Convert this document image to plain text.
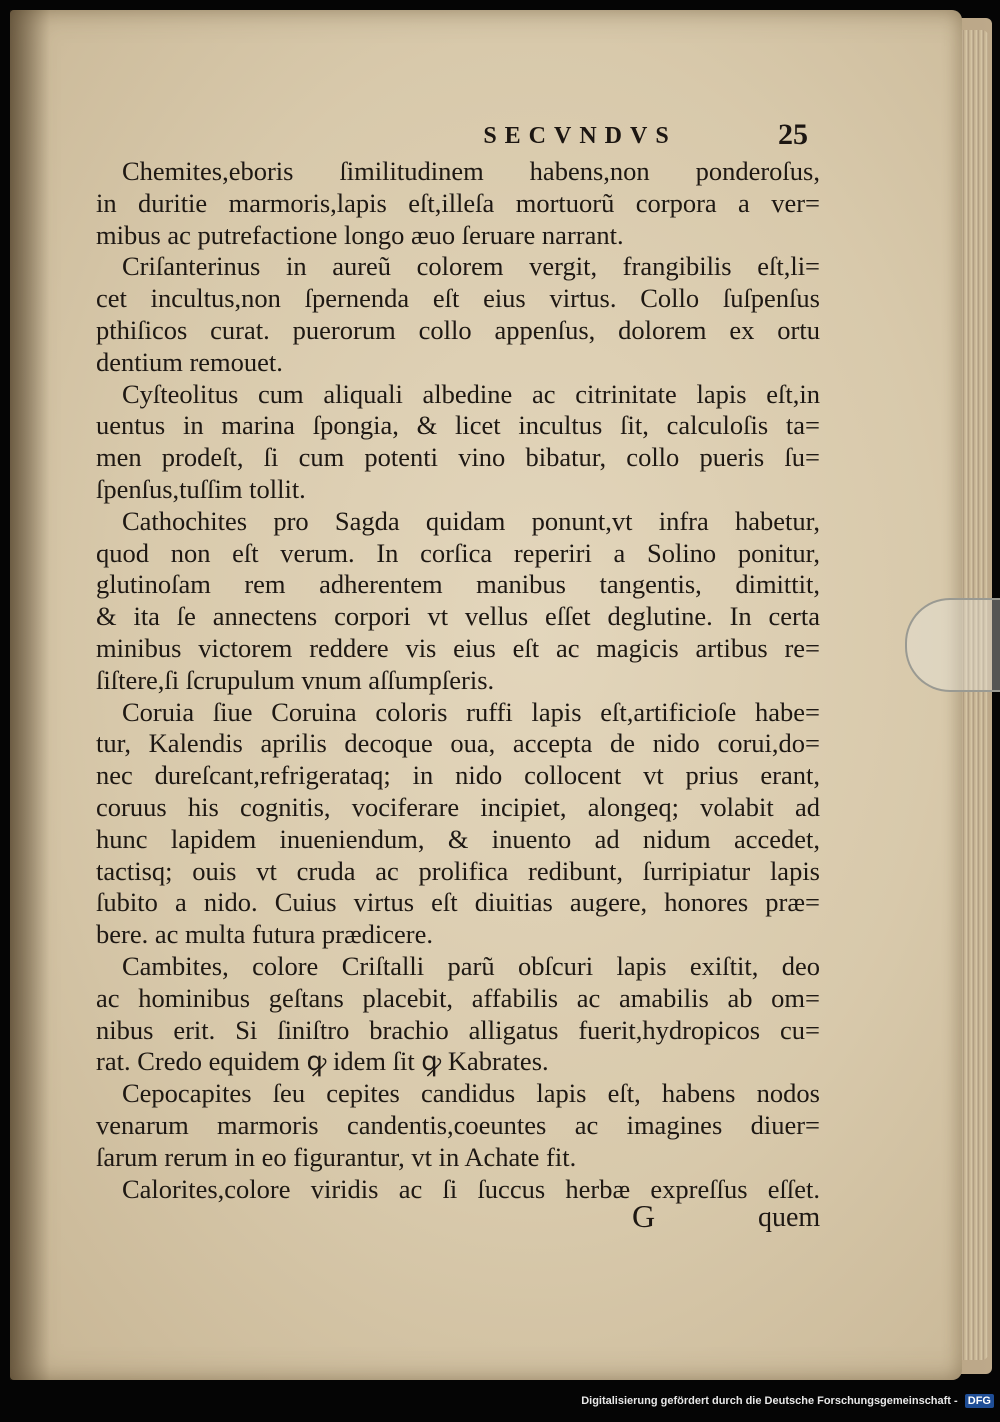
SECVNDVS	25
Chemites,eboris ſimilitudinem habens,non ponderoſus,
in duritie marmoris,lapis eſt,illeſa mortuorũ corpora a ver=
mibus ac putrefactione longo æuo ſeruare narrant.
Criſanterinus in aureũ colorem vergit, frangibilis eſt,li=
cet incultus,non ſpernenda eſt eius virtus. Collo ſuſpenſus
pthiſicos curat. puerorum collo appenſus, dolorem ex ortu
dentium remouet.
Cyſteolitus cum aliquali albedine ac citrinitate lapis eſt,in
uentus in marina ſpongia, & licet incultus ſit, calculoſis ta=
men prodeſt, ſi cum potenti vino bibatur, collo pueris ſu=
ſpenſus,tuſſim tollit.
Cathochites pro Sagda quidam ponunt,vt infra habetur,
quod non eſt verum. In corſica reperiri a Solino ponitur,
glutinoſam rem adherentem manibus tangentis, dimittit,
& ita ſe annectens corpori vt vellus eſſet deglutine. In certa
minibus victorem reddere vis eius eſt ac magicis artibus re=
ſiſtere,ſi ſcrupulum vnum aſſumpſeris.
Coruia ſiue Coruina coloris ruffi lapis eſt,artificioſe habe=
tur, Kalendis aprilis decoque oua, accepta de nido corui,do=
nec dureſcant,refrigerataq; in nido collocent vt prius erant,
coruus his cognitis, vociferare incipiet, alongeq; volabit ad
hunc lapidem inueniendum, & inuento ad nidum accedet,
tactisq; ouis vt cruda ac prolifica redibunt, ſurripiatur lapis
ſubito a nido. Cuius virtus eſt diuitias augere, honores præ=
bere. ac multa futura prædicere.
Cambites, colore Criſtalli parũ obſcuri lapis exiſtit, deo
ac hominibus geſtans placebit, affabilis ac amabilis ab om=
nibus erit. Si ſiniſtro brachio alligatus fuerit,hydropicos cu=
rat. Credo equidem ꝙ idem ſit ꝙ Kabrates.
Cepocapites ſeu cepites candidus lapis eſt, habens nodos
venarum marmoris candentis,coeuntes ac imagines diuer=
ſarum rerum in eo figurantur, vt in Achate fit.
Calorites,colore viridis ac ſi ſuccus herbæ expreſſus eſſet.
G	quem
Digitalisierung gefördert durch die Deutsche Forschungsgemeinschaft - DFG
